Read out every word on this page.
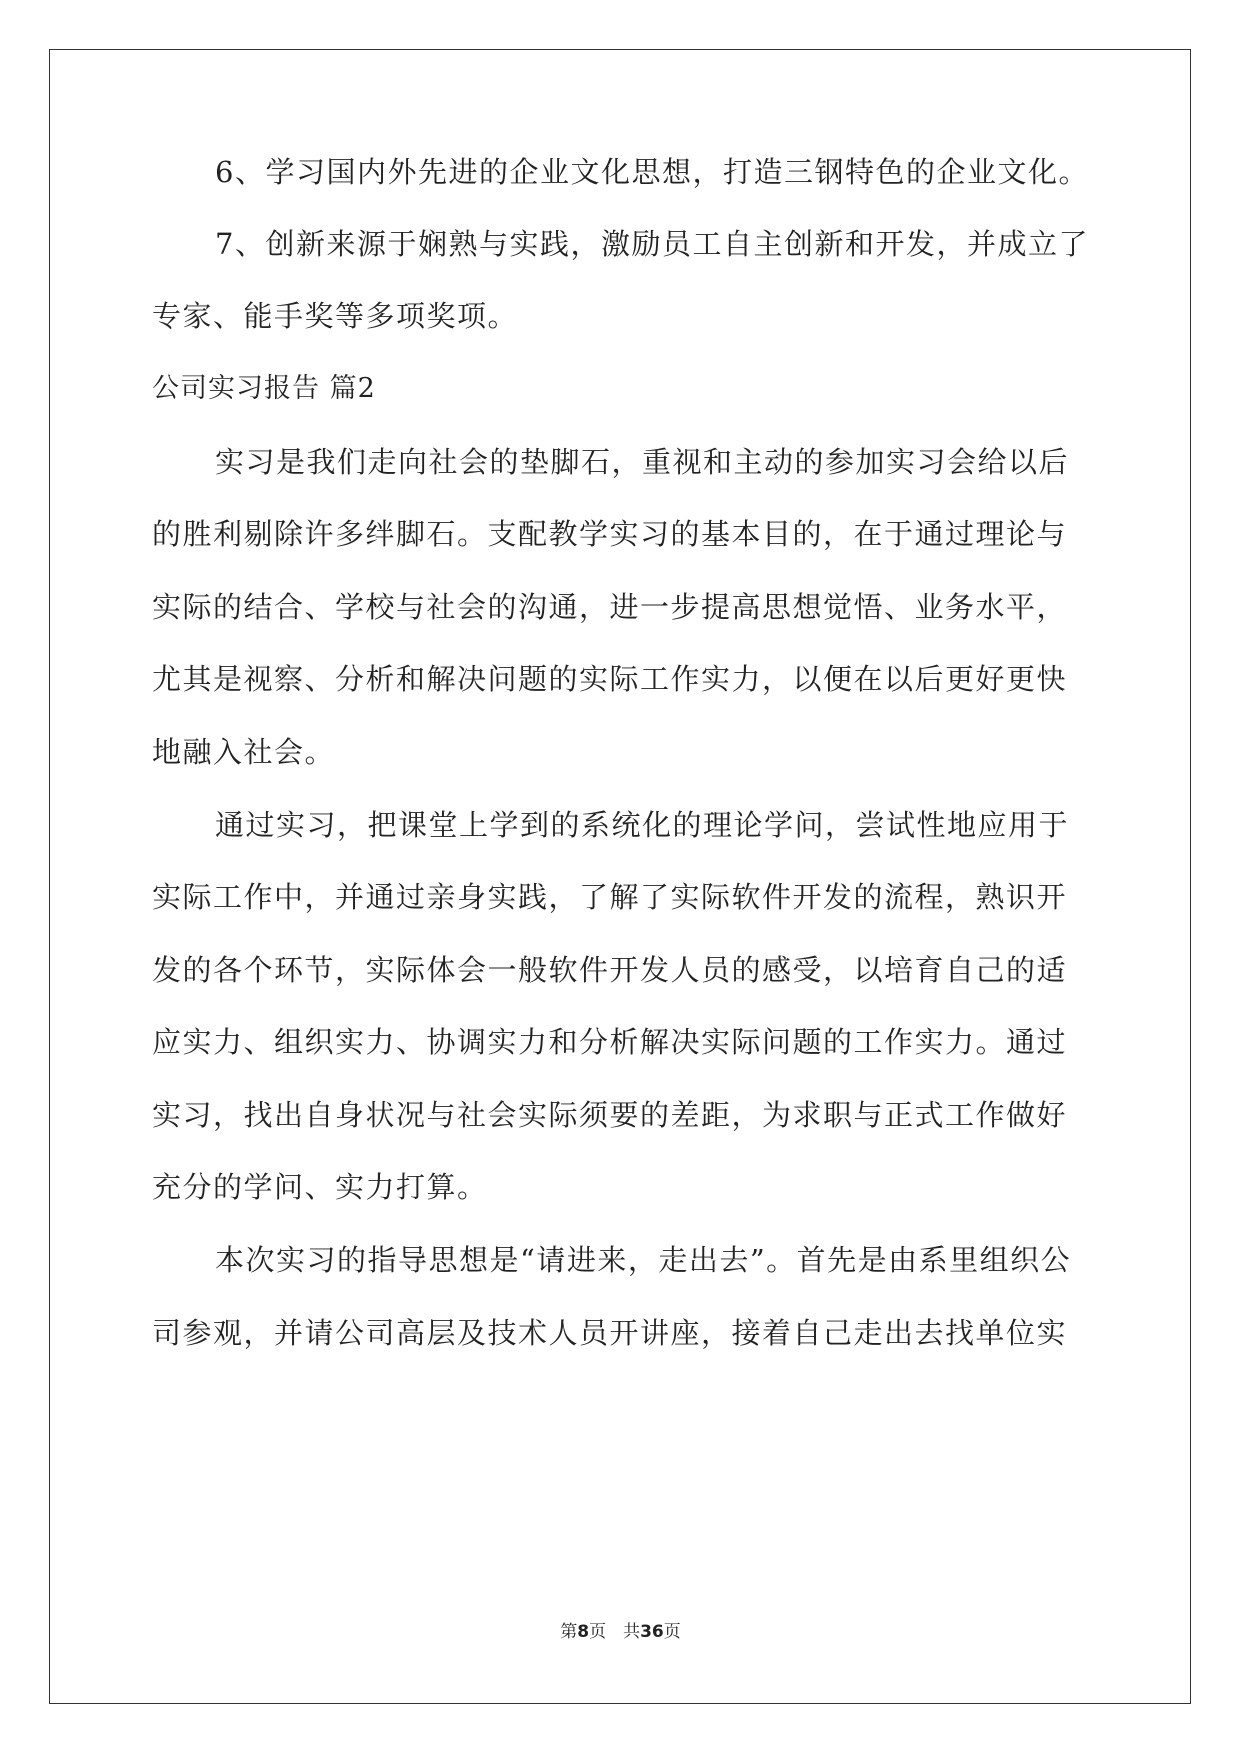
6、学习国内外先进的企业文化思想，打造三钢特色的企业文化。
7、创新来源于娴熟与实践，激励员工自主创新和开发，并成立了
专家、能手奖等多项奖项。
公司实习报告 篇2
实习是我们走向社会的垫脚石，重视和主动的参加实习会给以后
的胜利剔除许多绊脚石。支配教学实习的基本目的，在于通过理论与
实际的结合、学校与社会的沟通，进一步提高思想觉悟、业务水平，
尤其是视察、分析和解决问题的实际工作实力，以便在以后更好更快
地融入社会。
通过实习，把课堂上学到的系统化的理论学问，尝试性地应用于
实际工作中，并通过亲身实践，了解了实际软件开发的流程，熟识开
发的各个环节，实际体会一般软件开发人员的感受，以培育自己的适
应实力、组织实力、协调实力和分析解决实际问题的工作实力。通过
实习，找出自身状况与社会实际须要的差距，为求职与正式工作做好
充分的学问、实力打算。
本次实习的指导思想是“请进来，走出去”。首先是由系里组织公
司参观，并请公司高层及技术人员开讲座，接着自己走出去找单位实
第8页　共36页
